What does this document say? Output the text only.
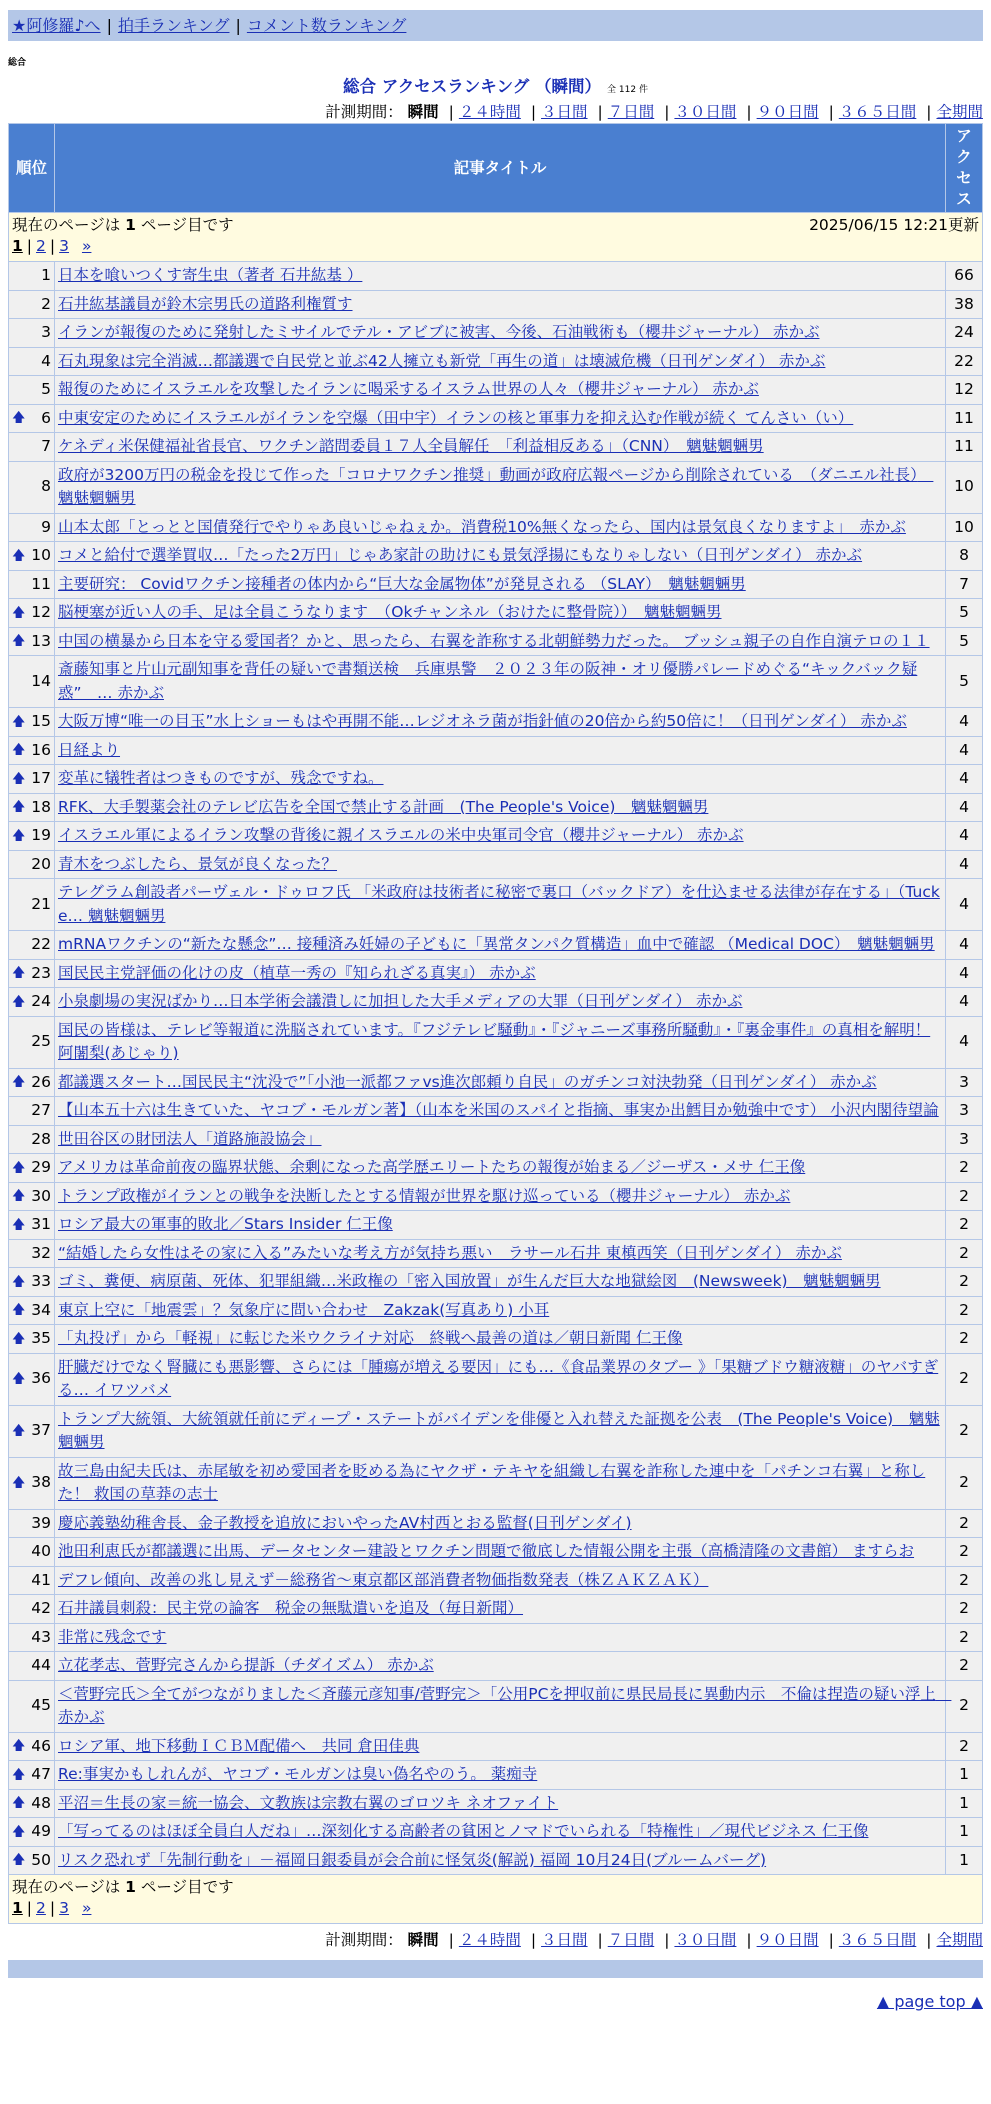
★阿修羅♪へ | 拍手ランキング | コメント数ランキング
総合
総合 アクセスランキング （瞬間） 全 112 件
計測期間： 瞬間 | ２４時間 | ３日間 | ７日間 | ３０日間 | ９０日間 | ３６５日間 | 全期間
現在のページは 1 ページ目です 2025/06/15 12:21更新
1 | 2 | 3 »		

順位	記事タイトル	アクセス
1	日本を喰いつくす寄生虫（著者 石井紘基 ）	66
2	石井紘基議員が鈴木宗男氏の道路利権質す	38
3	イランが報復のために発射したミサイルでテル・アビブに被害、今後、石油戦術も（櫻井ジャーナル） 赤かぶ	24
4	石丸現象は完全消滅…都議選で自民党と並ぶ42人擁立も新党「再生の道」は壊滅危機（日刊ゲンダイ） 赤かぶ	22
5	報復のためにイスラエルを攻撃したイランに喝采するイスラム世界の人々（櫻井ジャーナル） 赤かぶ	12

🡅 6	中東安定のためにイスラエルがイランを空爆（田中宇）イランの核と軍事力を抑え込む作戦が続く てんさい（い）	11
7	ケネディ米保健福祉省長官、ワクチン諮問委員１７人全員解任　「利益相反ある」（CNN）　魑魅魍魎男	11
8	政府が3200万円の税金を投じて作った「コロナワクチン推奨」動画が政府広報ページから削除されている　（ダニエル社長）　魑魅魍魎男	10
9	山本太郎「とっとと国債発行でやりゃあ良いじゃねぇか。消費税10%無くなったら、国内は景気良くなりますよ」　赤かぶ	10

🡅 10	コメと給付で選挙買収…「たった2万円」じゃあ家計の助けにも景気浮揚にもなりゃしない（日刊ゲンダイ） 赤かぶ	8
11	主要研究： Covidワクチン接種者の体内から“巨大な金属物体”が発見される （SLAY）　魑魅魍魎男	7

🡅 12	脳梗塞が近い人の手、足は全員こうなります　（Okチャンネル（おけたに整骨院））　魑魅魍魎男	5

🡅 13	中国の横暴から日本を守る愛国者？かと、思ったら、右翼を詐称する北朝鮮勢力だった。 ブッシュ親子の自作自演テロの１１	5
14	斎藤知事と片山元副知事を背任の疑いで書類送検　兵庫県警　２０２３年の阪神・オリ優勝パレードめぐる“キックバック疑惑”　… 赤かぶ	5

🡅 15	大阪万博“唯一の目玉”水上ショーもはや再開不能…レジオネラ菌が指針値の20倍から約50倍に！（日刊ゲンダイ） 赤かぶ	4

🡅 16	日経より	4

🡅 17	変革に犠牲者はつきものですが、残念ですね。	4

🡅 18	RFK、大手製薬会社のテレビ広告を全国で禁止する計画　(The People's Voice)　魑魅魍魎男	4

🡅 19	イスラエル軍によるイラン攻撃の背後に親イスラエルの米中央軍司令官（櫻井ジャーナル） 赤かぶ	4
20	青木をつぶしたら、景気が良くなった？	4
21	テレグラム創設者パーヴェル・ドゥロフ氏 「米政府は技術者に秘密で裏口（バックドア）を仕込ませる法律が存在する」（Tucke… 魑魅魍魎男	4
22	mRNAワクチンの“新たな懸念”… 接種済み妊婦の子どもに「異常タンパク質構造」血中で確認 （Medical DOC）　魑魅魍魎男	4

🡅 23	国民民主党評価の化けの皮（植草一秀の『知られざる真実』） 赤かぶ	4

🡅 24	小泉劇場の実況ばかり…日本学術会議潰しに加担した大手メディアの大罪（日刊ゲンダイ） 赤かぶ	4
25	国民の皆様は、テレビ等報道に洗脳されています。『フジテレビ騒動』・『ジャニーズ事務所騒動』・『裏金事件』の真相を解明！ 阿闍梨(あじゃり)	4

🡅 26	都議選スタート…国民民主“沈没で”「小池一派都ファvs進次郎頼り自民」のガチンコ対決勃発（日刊ゲンダイ） 赤かぶ	3
27	【山本五十六は生きていた、ヤコブ・モルガン著】（山本を米国のスパイと指摘、事実か出鱈目か勉強中です） 小沢内閣待望論	3
28	世田谷区の財団法人「道路施設協会」	3

🡅 29	アメリカは革命前夜の臨界状態、余剰になった高学歴エリートたちの報復が始まる／ジーザス・メサ 仁王像	2

🡅 30	トランプ政権がイランとの戦争を決断したとする情報が世界を駆け巡っている（櫻井ジャーナル） 赤かぶ	2

🡅 31	ロシア最大の軍事的敗北／Stars Insider 仁王像	2
32	“結婚したら女性はその家に入る”みたいな考え方が気持ち悪い　ラサール石井 東槙西笑（日刊ゲンダイ） 赤かぶ	2

🡅 33	ゴミ、糞便、病原菌、死体、犯罪組織…米政権の「密入国放置」が生んだ巨大な地獄絵図　(Newsweek)　魑魅魍魎男	2

🡅 34	東京上空に「地震雲」？気象庁に問い合わせ　Zakzak(写真あり) 小耳	2

🡅 35	「丸投げ」から「軽視」に転じた米ウクライナ対応　終戦へ最善の道は／朝日新聞 仁王像	2

🡅 36	肝臓だけでなく腎臓にも悪影響、さらには「腫瘍が増える要因」にも…《食品業界のタブー 》「果糖ブドウ糖液糖」のヤバすぎる… イワツバメ	2

🡅 37	トランプ大統領、大統領就任前にディープ・ステートがバイデンを俳優と入れ替えた証拠を公表　(The People's Voice)　魑魅魍魎男	2

🡅 38	故三島由紀夫氏は、赤尾敏を初め愛国者を貶める為にヤクザ・テキヤを組織し右翼を詐称した連中を「パチンコ右翼」と称した！ 救国の草莽の志士	2
39	慶応義塾幼稚舎長、金子教授を追放においやったAV村西とおる監督(日刊ゲンダイ)	2
40	池田利恵氏が都議選に出馬、データセンター建設とワクチン問題で徹底した情報公開を主張（高橋清隆の文書館） ますらお	2
41	デフレ傾向、改善の兆し見えず－総務省～東京都区部消費者物価指数発表（株ＺＡＫＺＡＫ）	2
42	石井議員刺殺：民主党の論客　税金の無駄遣いを追及（毎日新聞）	2
43	非常に残念です	2
44	立花孝志、菅野完さんから提訴（チダイズム） 赤かぶ	2
45	＜菅野完氏＞全てがつながりました＜斉藤元彦知事/菅野完＞「公用PCを押収前に県民局長に異動内示　不倫は捏造の疑い浮上　赤かぶ	2

🡅 46	ロシア軍、地下移動ＩＣＢＭ配備へ　共同 倉田佳典	2

🡅 47	Re:事実かもしれんが、ヤコブ・モルガンは臭い偽名やのう。 薬痴寺	1

🡅 48	平沼＝生長の家＝統一協会、文教族は宗教右翼のゴロツキ ネオファイト	1

🡅 49	「写ってるのはほぼ全員白人だね」…深刻化する高齢者の貧困とノマドでいられる「特権性」／現代ビジネス 仁王像	1

🡅 50	リスク恐れず「先制行動を」－福岡日銀委員が会合前に怪気炎(解説) 福岡 10月24日(ブルームバーグ)	1

現在のページは 1 ページ目です
1 | 2 | 3 »		
計測期間： 瞬間 | ２４時間 | ３日間 | ７日間 | ３０日間 | ９０日間 | ３６５日間 | 全期間
▲ page top ▲
